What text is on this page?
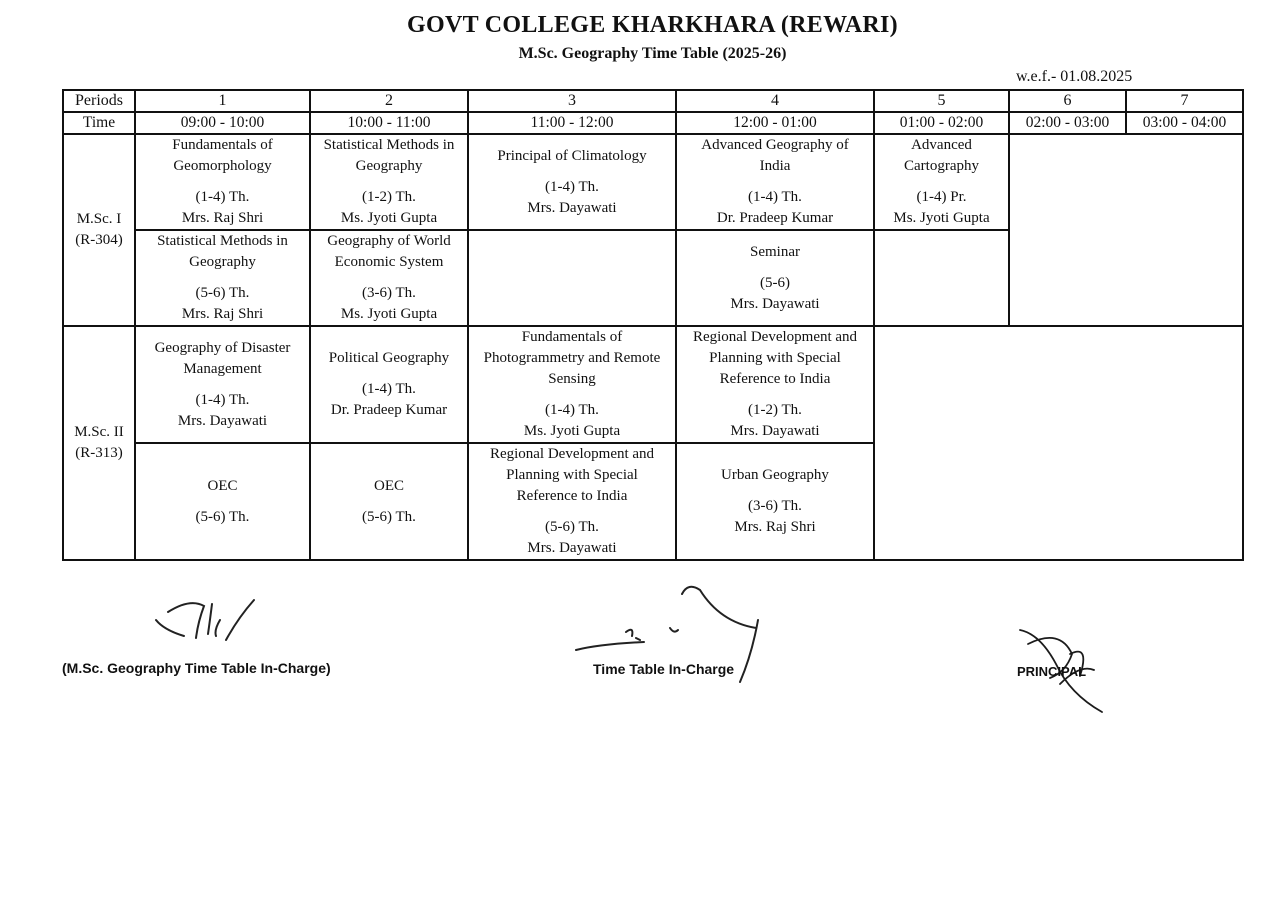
GOVT COLLEGE KHARKHARA (REWARI)
M.Sc. Geography Time Table (2025-26)
w.e.f.- 01.08.2025
Periods	1	2	3	4	5	6	7
Time	09:00 - 10:00	10:00 - 11:00	11:00 - 12:00	12:00 - 01:00	01:00 - 02:00	02:00 - 03:00	03:00 - 04:00

M.Sc. I
(R-304)	Fundamentals of
Geomorphology
(1-4) Th.
Mrs. Raj Shri	Statistical Methods in
Geography
(1-2) Th.
Ms. Jyoti Gupta	Principal of Climatology
(1-4) Th.
Mrs. Dayawati	Advanced Geography of
India
(1-4) Th.
Dr. Pradeep Kumar	Advanced
Cartography
(1-4) Pr.
Ms. Jyoti Gupta		

	Statistical Methods in
Geography
(5-6) Th.
Mrs. Raj Shri	Geography of World
Economic System
(3-6) Th.
Ms. Jyoti Gupta		Seminar
(5-6)
Mrs. Dayawati			

M.Sc. II
(R-313)	Geography of Disaster
Management
(1-4) Th.
Mrs. Dayawati	Political Geography
(1-4) Th.
Dr. Pradeep Kumar	Fundamentals of
Photogrammetry and Remote
Sensing
(1-4) Th.
Ms. Jyoti Gupta	Regional Development and
Planning with Special
Reference to India
(1-2) Th.
Mrs. Dayawati			

	OEC
(5-6) Th.	OEC
(5-6) Th.	Regional Development and
Planning with Special
Reference to India
(5-6) Th.
Mrs. Dayawati	Urban Geography
(3-6) Th.
Mrs. Raj Shri			
(M.Sc. Geography Time Table In-Charge)	Time Table In-Charge	PRINCIPAL
